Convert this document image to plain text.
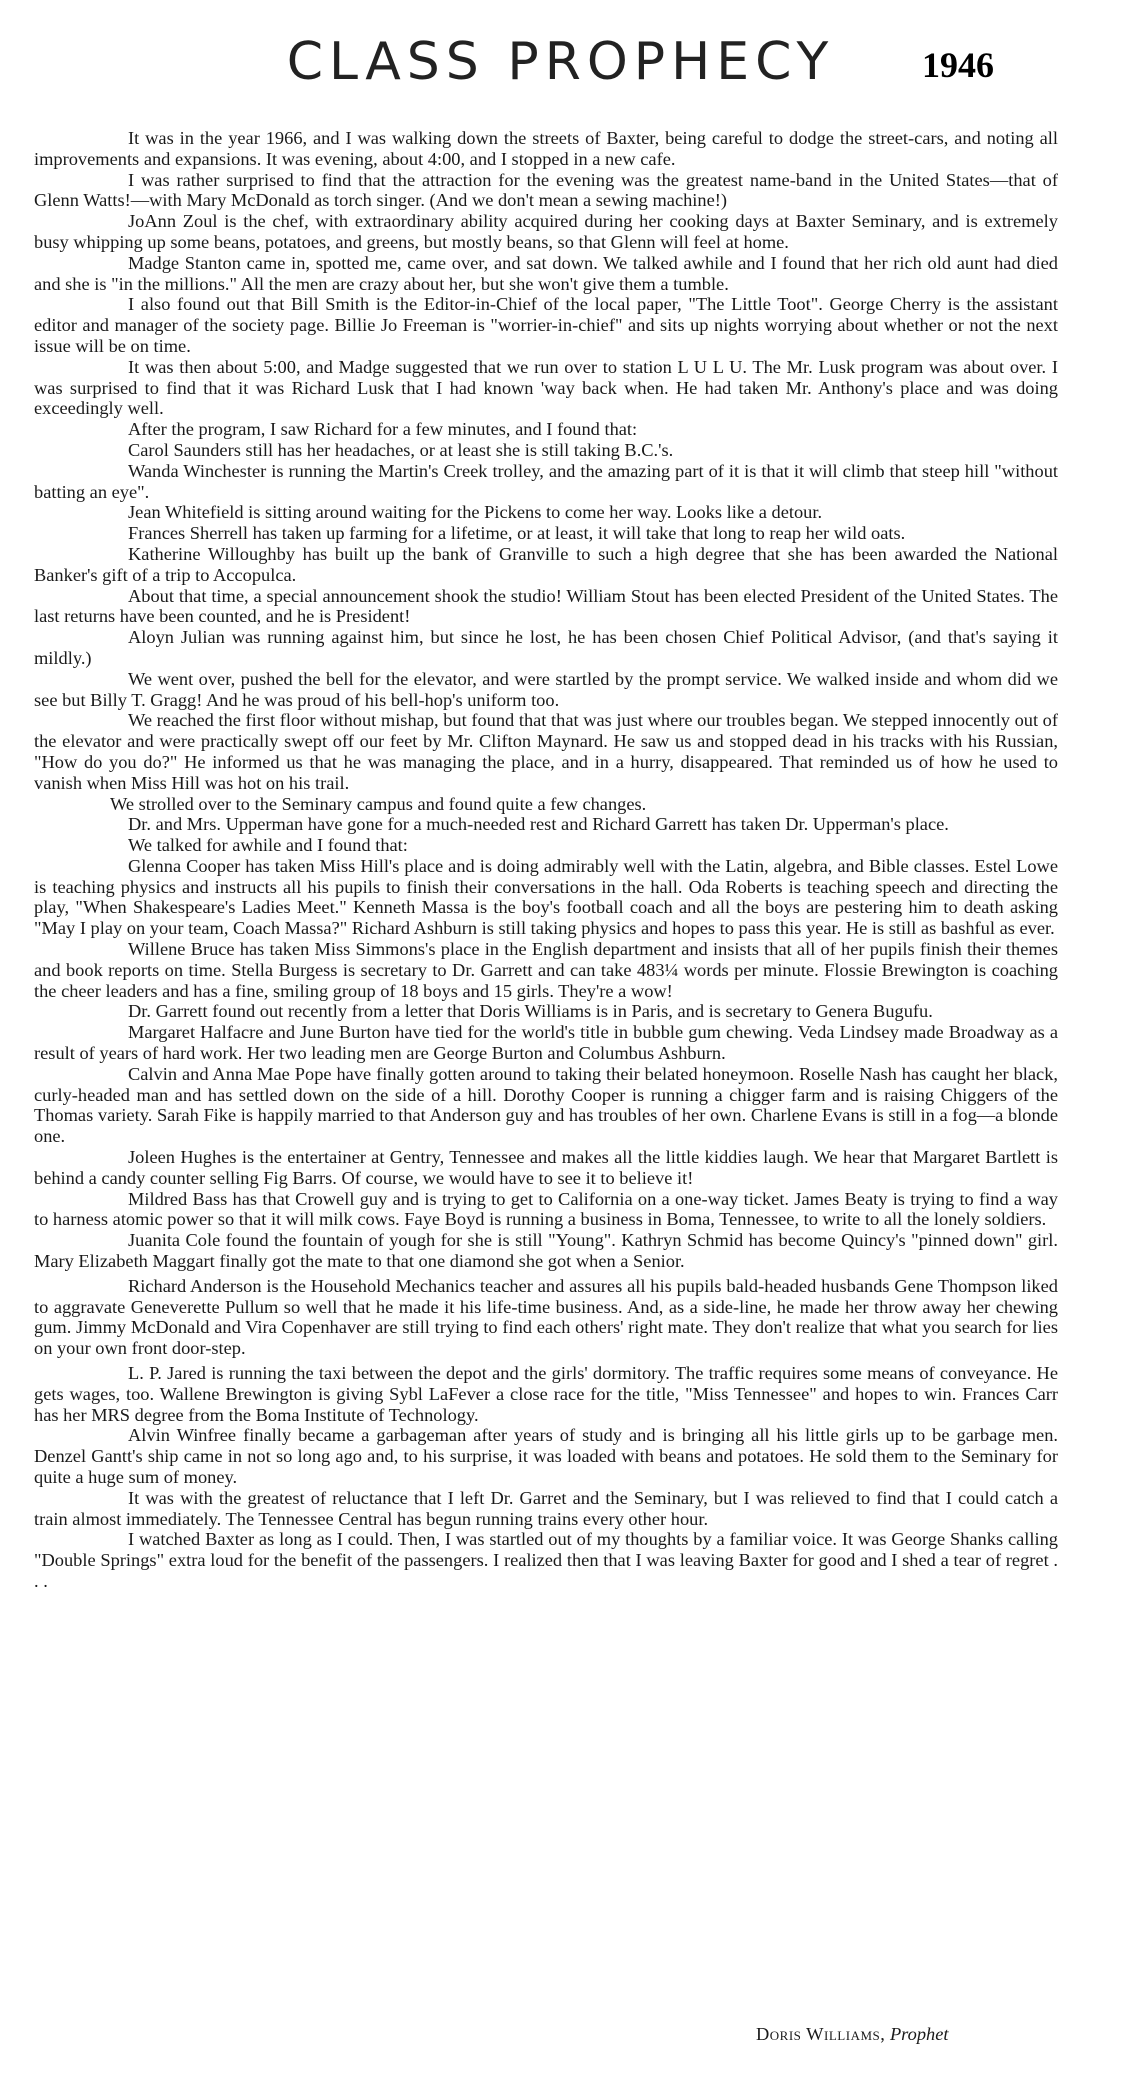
CLASS PROPHECY	1946

It was in the year 1966, and I was walking down the streets of Baxter, being careful to dodge the street-cars, and noting all improvements and expansions. It was evening, about 4:00, and I stopped in a new cafe.

I was rather surprised to find that the attraction for the evening was the greatest name-band in the United States—that of Glenn Watts!—with Mary McDonald as torch singer. (And we don't mean a sewing machine!)

JoAnn Zoul is the chef, with extraordinary ability acquired during her cooking days at Baxter Seminary, and is extremely busy whipping up some beans, potatoes, and greens, but mostly beans, so that Glenn will feel at home.

Madge Stanton came in, spotted me, came over, and sat down. We talked awhile and I found that her rich old aunt had died and she is "in the millions." All the men are crazy about her, but she won't give them a tumble.

I also found out that Bill Smith is the Editor-in-Chief of the local paper, "The Little Toot". George Cherry is the assistant editor and manager of the society page. Billie Jo Freeman is "worrier-in-chief" and sits up nights worrying about whether or not the next issue will be on time.

It was then about 5:00, and Madge suggested that we run over to station L U L U. The Mr. Lusk program was about over. I was surprised to find that it was Richard Lusk that I had known 'way back when. He had taken Mr. Anthony's place and was doing exceedingly well.

After the program, I saw Richard for a few minutes, and I found that:

Carol Saunders still has her headaches, or at least she is still taking B.C.'s.

Wanda Winchester is running the Martin's Creek trolley, and the amazing part of it is that it will climb that steep hill "without batting an eye".

Jean Whitefield is sitting around waiting for the Pickens to come her way. Looks like a detour.

Frances Sherrell has taken up farming for a lifetime, or at least, it will take that long to reap her wild oats.

Katherine Willoughby has built up the bank of Granville to such a high degree that she has been awarded the National Banker's gift of a trip to Accopulca.

About that time, a special announcement shook the studio! William Stout has been elected President of the United States. The last returns have been counted, and he is President!

Aloyn Julian was running against him, but since he lost, he has been chosen Chief Political Advisor, (and that's saying it mildly.)

We went over, pushed the bell for the elevator, and were startled by the prompt service. We walked inside and whom did we see but Billy T. Gragg! And he was proud of his bell-hop's uniform too.

We reached the first floor without mishap, but found that that was just where our troubles began. We stepped innocently out of the elevator and were practically swept off our feet by Mr. Clifton Maynard. He saw us and stopped dead in his tracks with his Russian, "How do you do?" He informed us that he was managing the place, and in a hurry, disappeared. That reminded us of how he used to vanish when Miss Hill was hot on his trail.

We strolled over to the Seminary campus and found quite a few changes.

Dr. and Mrs. Upperman have gone for a much-needed rest and Richard Garrett has taken Dr. Upperman's place.

We talked for awhile and I found that:

Glenna Cooper has taken Miss Hill's place and is doing admirably well with the Latin, algebra, and Bible classes. Estel Lowe is teaching physics and instructs all his pupils to finish their conversations in the hall. Oda Roberts is teaching speech and directing the play, "When Shakespeare's Ladies Meet." Kenneth Massa is the boy's football coach and all the boys are pestering him to death asking "May I play on your team, Coach Massa?" Richard Ashburn is still taking physics and hopes to pass this year. He is still as bashful as ever.

Willene Bruce has taken Miss Simmons's place in the English department and insists that all of her pupils finish their themes and book reports on time. Stella Burgess is secretary to Dr. Garrett and can take 483¼ words per minute. Flossie Brewington is coaching the cheer leaders and has a fine, smiling group of 18 boys and 15 girls. They're a wow!

Dr. Garrett found out recently from a letter that Doris Williams is in Paris, and is secretary to Genera Bugufu.

Margaret Halfacre and June Burton have tied for the world's title in bubble gum chewing. Veda Lindsey made Broadway as a result of years of hard work. Her two leading men are George Burton and Columbus Ashburn.

Calvin and Anna Mae Pope have finally gotten around to taking their belated honeymoon. Roselle Nash has caught her black, curly-headed man and has settled down on the side of a hill. Dorothy Cooper is running a chigger farm and is raising Chiggers of the Thomas variety. Sarah Fike is happily married to that Anderson guy and has troubles of her own. Charlene Evans is still in a fog—a blonde one.

Joleen Hughes is the entertainer at Gentry, Tennessee and makes all the little kiddies laugh. We hear that Margaret Bartlett is behind a candy counter selling Fig Barrs. Of course, we would have to see it to believe it!

Mildred Bass has that Crowell guy and is trying to get to California on a one-way ticket. James Beaty is trying to find a way to harness atomic power so that it will milk cows. Faye Boyd is running a business in Boma, Tennessee, to write to all the lonely soldiers.

Juanita Cole found the fountain of yough for she is still "Young". Kathryn Schmid has become Quincy's "pinned down" girl. Mary Elizabeth Maggart finally got the mate to that one diamond she got when a Senior.

Richard Anderson is the Household Mechanics teacher and assures all his pupils bald-headed husbands Gene Thompson liked to aggravate Geneverette Pullum so well that he made it his life-time business. And, as a side-line, he made her throw away her chewing gum. Jimmy McDonald and Vira Copenhaver are still trying to find each others' right mate. They don't realize that what you search for lies on your own front door-step.

L. P. Jared is running the taxi between the depot and the girls' dormitory. The traffic requires some means of conveyance. He gets wages, too. Wallene Brewington is giving Sybl LaFever a close race for the title, "Miss Tennessee" and hopes to win. Frances Carr has her MRS degree from the Boma Institute of Technology.

Alvin Winfree finally became a garbageman after years of study and is bringing all his little girls up to be garbage men. Denzel Gantt's ship came in not so long ago and, to his surprise, it was loaded with beans and potatoes. He sold them to the Seminary for quite a huge sum of money.

It was with the greatest of reluctance that I left Dr. Garret and the Seminary, but I was relieved to find that I could catch a train almost immediately. The Tennessee Central has begun running trains every other hour.

I watched Baxter as long as I could. Then, I was startled out of my thoughts by a familiar voice. It was George Shanks calling "Double Springs" extra loud for the benefit of the passengers. I realized then that I was leaving Baxter for good and I shed a tear of regret . . .

Doris Williams, Prophet
